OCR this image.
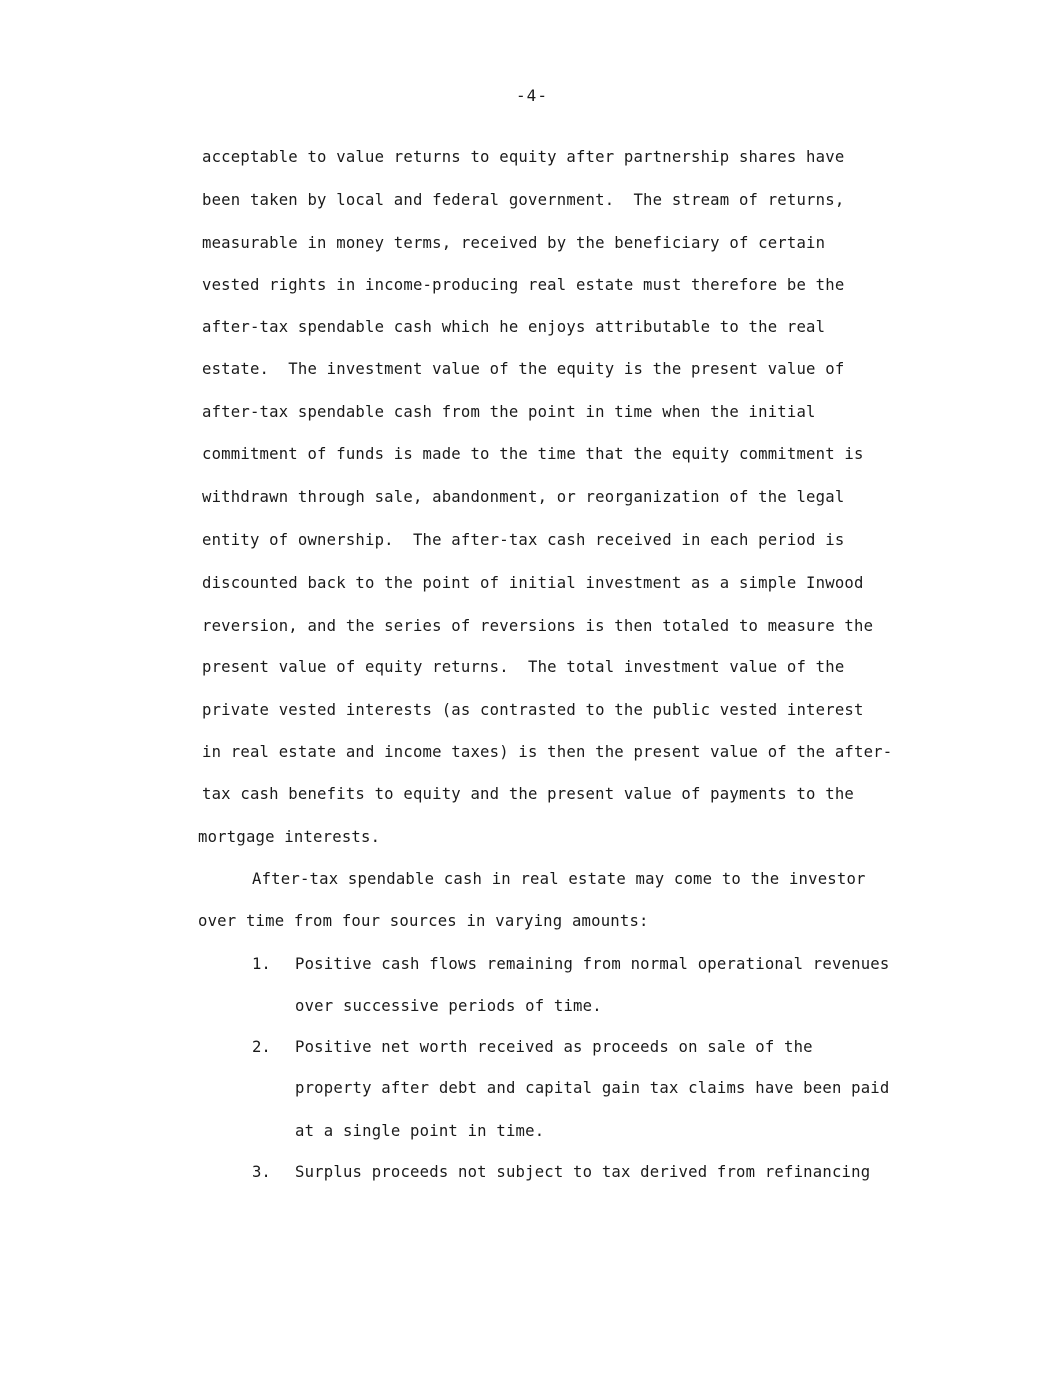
-4-
acceptable to value returns to equity after partnership shares have
been taken by local and federal government.  The stream of returns,
measurable in money terms, received by the beneficiary of certain
vested rights in income-producing real estate must therefore be the
after-tax spendable cash which he enjoys attributable to the real
estate.  The investment value of the equity is the present value of
after-tax spendable cash from the point in time when the initial
commitment of funds is made to the time that the equity commitment is
withdrawn through sale, abandonment, or reorganization of the legal
entity of ownership.  The after-tax cash received in each period is
discounted back to the point of initial investment as a simple Inwood
reversion, and the series of reversions is then totaled to measure the
present value of equity returns.  The total investment value of the
private vested interests (as contrasted to the public vested interest
in real estate and income taxes) is then the present value of the after-
tax cash benefits to equity and the present value of payments to the
mortgage interests.
After-tax spendable cash in real estate may come to the investor
over time from four sources in varying amounts:
1. Positive cash flows remaining from normal operational revenues
over successive periods of time.
2. Positive net worth received as proceeds on sale of the
property after debt and capital gain tax claims have been paid
at a single point in time.
3. Surplus proceeds not subject to tax derived from refinancing
